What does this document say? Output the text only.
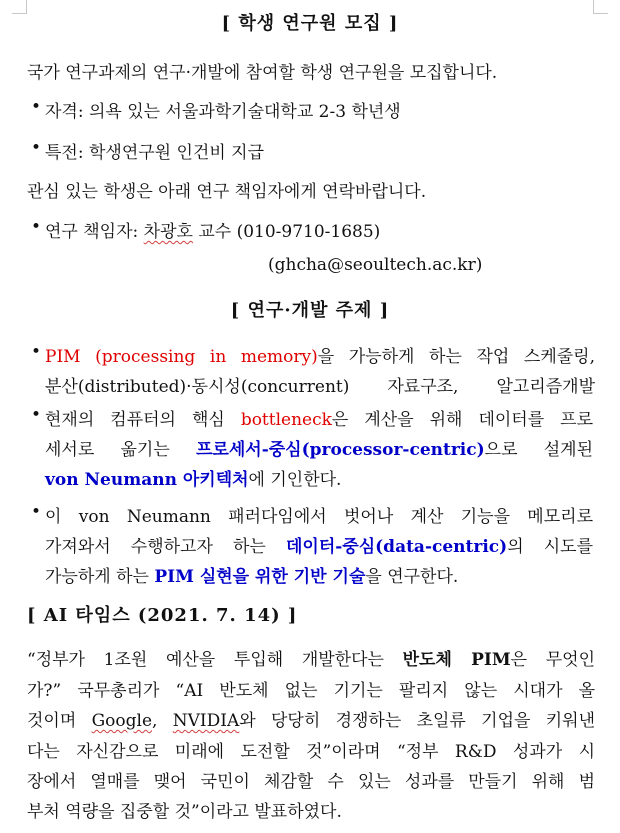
[ 학생 연구원 모집 ]
국가 연구과제의 연구·개발에 참여할 학생 연구원을 모집합니다.
• 자격: 의욕 있는 서울과학기술대학교 2-3 학년생
• 특전: 학생연구원 인건비 지급
관심 있는 학생은 아래 연구 책임자에게 연락바랍니다.
• 연구 책임자: 차광호 교수 (010-9710-1685)
(ghcha@seoultech.ac.kr)
[ 연구·개발 주제 ]
• PIM (processing in memory)을 가능하게 하는 작업 스케줄링,
분산(distributed)·동시성(concurrent) 자료구조, 알고리즘개발
• 현재의 컴퓨터의 핵심 bottleneck은 계산을 위해 데이터를 프로
세서로 옮기는 프로세서-중심(processor-centric)으로 설계된
von Neumann 아키텍처에 기인한다.
• 이 von Neumann 패러다임에서 벗어나 계산 기능을 메모리로
가져와서 수행하고자 하는 데이터-중심(data-centric)의 시도를
가능하게 하는 PIM 실현을 위한 기반 기술을 연구한다.
[ AI 타임스 (2021. 7. 14) ]
“정부가 1조원 예산을 투입해 개발한다는 반도체 PIM은 무엇인
가?” 국무총리가 “AI 반도체 없는 기기는 팔리지 않는 시대가 올
것이며 Google, NVIDIA와 당당히 경쟁하는 초일류 기업을 키워낸
다는 자신감으로 미래에 도전할 것”이라며 “정부 R&D 성과가 시
장에서 열매를 맺어 국민이 체감할 수 있는 성과를 만들기 위해 범
부처 역량을 집중할 것”이라고 발표하였다.
